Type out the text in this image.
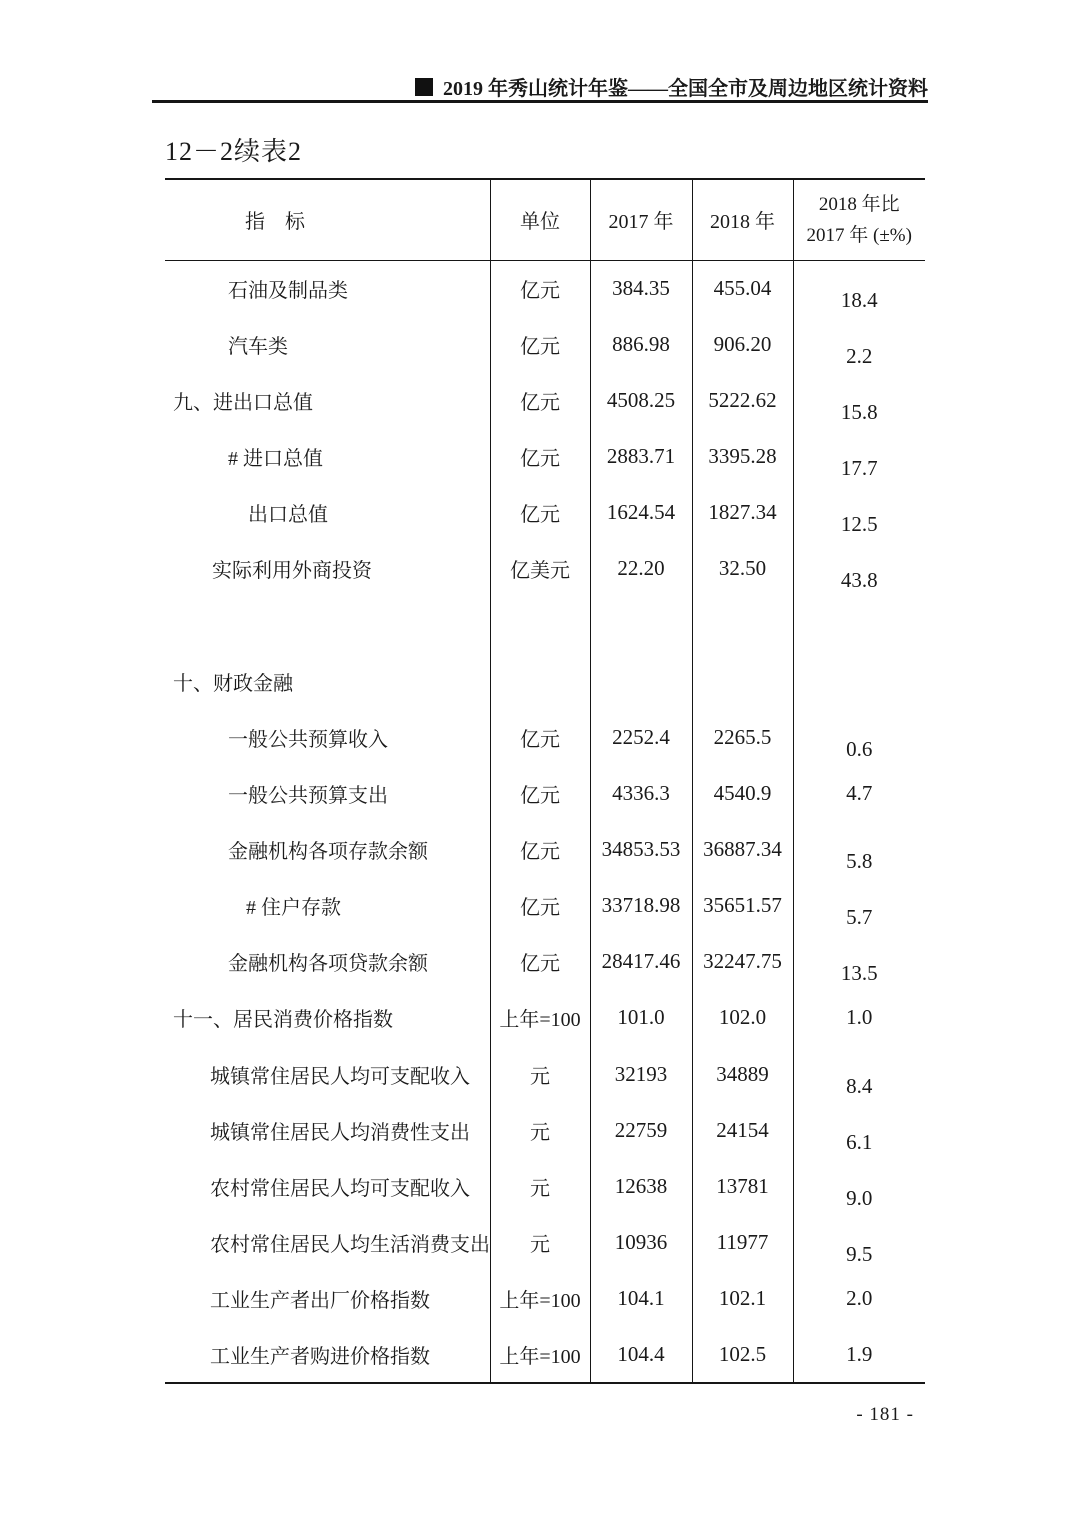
2019 年秀山统计年鉴——全国全市及周边地区统计资料
12－2续表2
指　标	单位	2017 年	2018 年	2018 年比
2017 年 (±%)

石油及制品类	亿元	384.35	455.04	18.4
汽车类	亿元	886.98	906.20	2.2
九、进出口总值	亿元	4508.25	5222.62	15.8
# 进口总值	亿元	2883.71	3395.28	17.7
出口总值	亿元	1624.54	1827.34	12.5
实际利用外商投资	亿美元	22.20	32.50	43.8

十、财政金融				
一般公共预算收入	亿元	2252.4	2265.5	0.6
一般公共预算支出	亿元	4336.3	4540.9	4.7
金融机构各项存款余额	亿元	34853.53	36887.34	5.8
# 住户存款	亿元	33718.98	35651.57	5.7
金融机构各项贷款余额	亿元	28417.46	32247.75	13.5
十一、居民消费价格指数	上年=100	101.0	102.0	1.0
城镇常住居民人均可支配收入	元	32193	34889	8.4
城镇常住居民人均消费性支出	元	22759	24154	6.1
农村常住居民人均可支配收入	元	12638	13781	9.0
农村常住居民人均生活消费支出	元	10936	11977	9.5
工业生产者出厂价格指数	上年=100	104.1	102.1	2.0
工业生产者购进价格指数	上年=100	104.4	102.5	1.9
- 181 -
